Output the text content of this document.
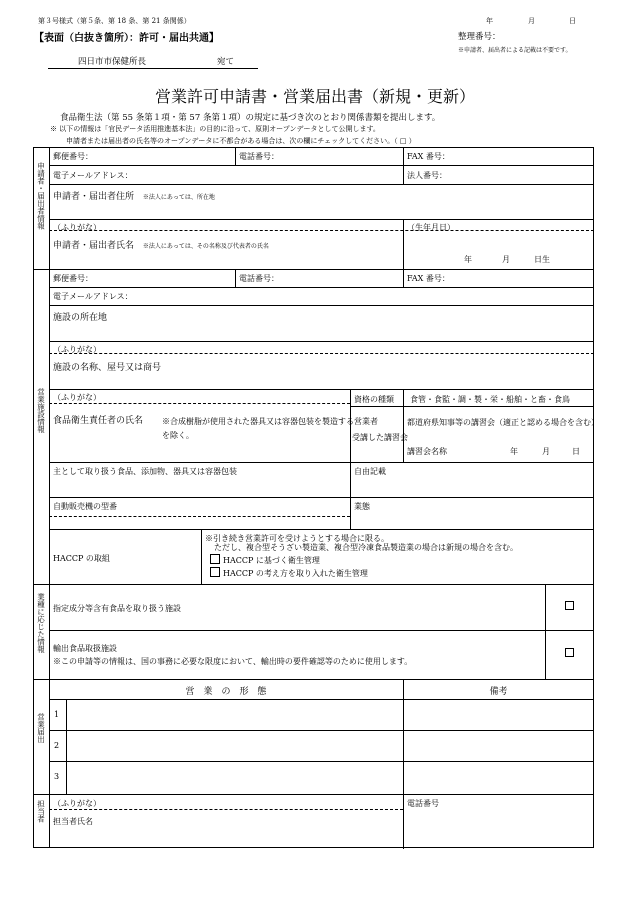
第３号様式（第５条、第 18 条、第 21 条関係）	年	月	日
【表面（白抜き箇所）：許可・届出共通】	整理番号：
※申請者、届出者による記載は不要です。
四日市市保健所長	宛て
営業許可申請書・営業届出書（新規・更新）
食品衛生法（第 55 条第１項・第 57 条第１項）の規定に基づき次のとおり関係書類を提出します。
※ 以下の情報は「官民データ活用推進基本法」の目的に沿って、原則オープンデータとして公開します。
申請者または届出者の氏名等のオープンデータに不都合がある場合は、次の欄にチェックしてください。（ □ ）
申請者・届出者情報
郵便番号：	電話番号：	FAX 番号：
電子メールアドレス：	法人番号：
申請者・届出者住所 ※法人にあっては、所在地
（ふりがな）	（生年月日）
申請者・届出者氏名 ※法人にあっては、その名称及び代表者の氏名
年	月	日生
営業施設情報
郵便番号：	電話番号：	FAX 番号：
電子メールアドレス：
施設の所在地
（ふりがな）
施設の名称、屋号又は商号
（ふりがな）
食品衛生責任者の氏名 ※合成樹脂が使用された器具又は容器包装を製造する営業者
を除く。
資格の種類 食管・食監・調・製・栄・船舶・と畜・食鳥
受講した講習会
都道府県知事等の講習会（適正と認める場合を含む）
講習会名称	年	月	日
主として取り扱う食品、添加物、器具又は容器包装	自由記載
自動販売機の型番	業態
HACCP の取組
※引き続き営業許可を受けようとする場合に限る。
ただし、複合型そうざい製造業、複合型冷凍食品製造業の場合は新規の場合を含む。
HACCP に基づく衛生管理
HACCP の考え方を取り入れた衛生管理
業種に応じた情報 指定成分等含有食品を取り扱う施設
輸出食品取扱施設
※この申請等の情報は、国の事務に必要な限度において、輸出時の要件確認等のために使用します。
営業届出
営　業　の　形　態	備考
1
2
3
担当者 （ふりがな）
担当者氏名
電話番号
